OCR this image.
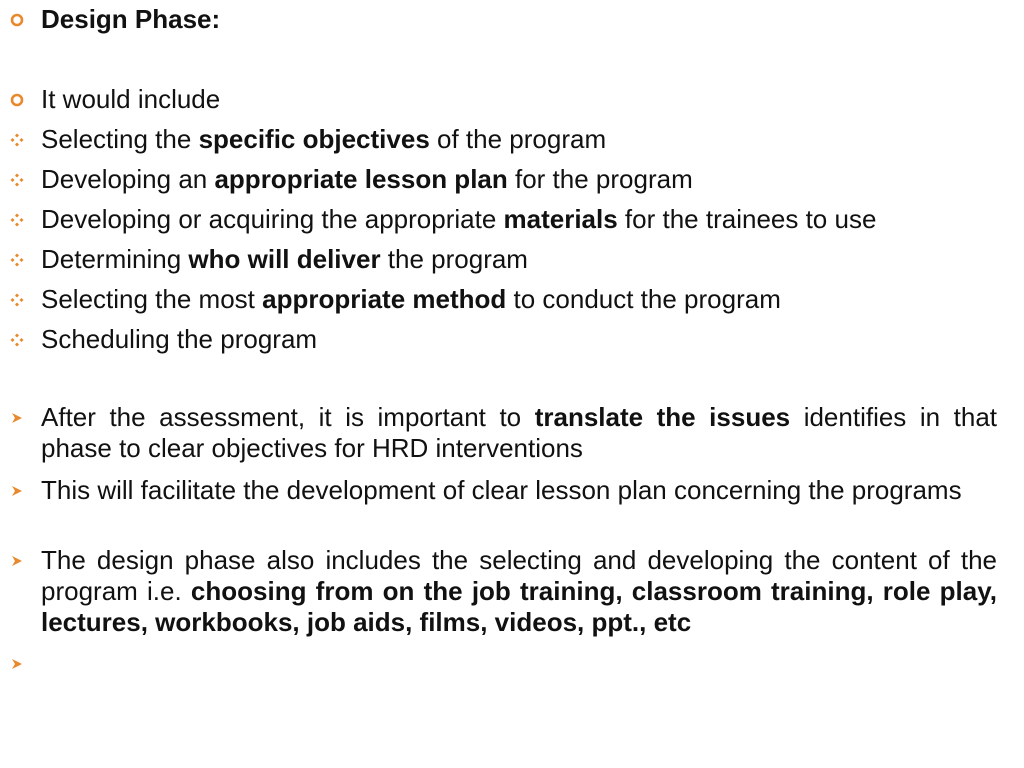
Design Phase:
It would include
Selecting the specific objectives of the program
Developing an appropriate lesson plan for the program
Developing or acquiring the appropriate materials for the trainees to use
Determining who will deliver the program
Selecting the most appropriate method to conduct the program
Scheduling the program
After the assessment, it is important to translate the issues identifies in that phase to clear objectives for HRD interventions
This will facilitate the development of clear lesson plan concerning the programs
The design phase also includes the selecting and developing the content of the program i.e. choosing from on the job training, classroom training, role play, lectures, workbooks, job aids, films, videos, ppt., etc
